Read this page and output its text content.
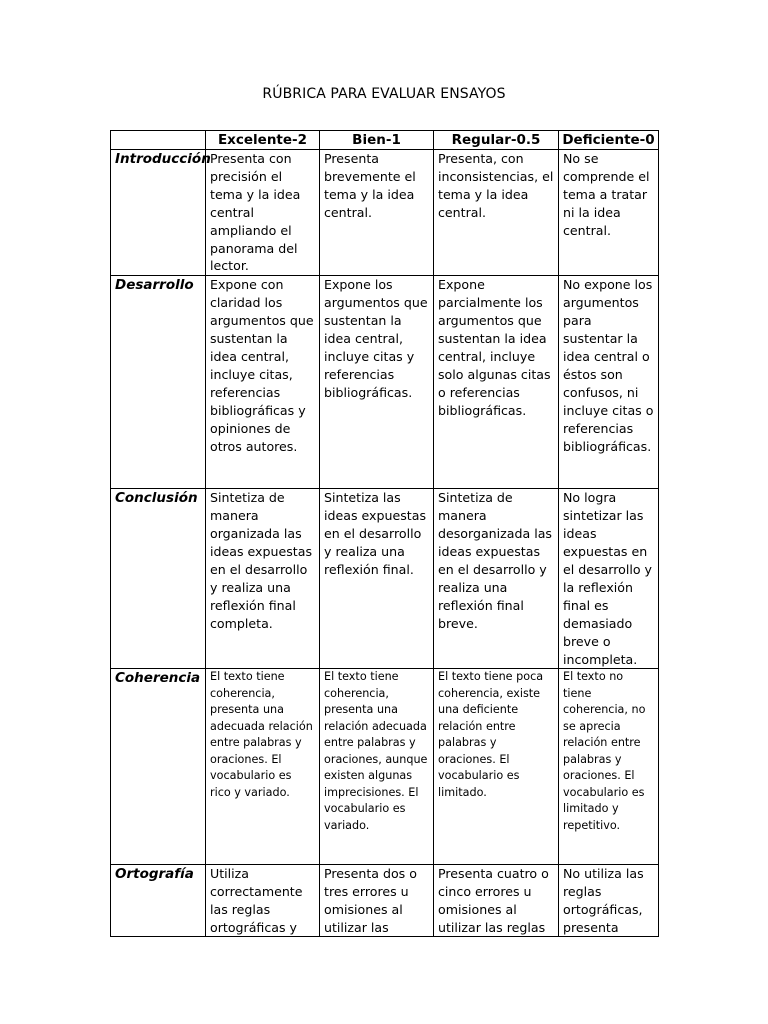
RÚBRICA PARA EVALUAR ENSAYOS
	Excelente-2	Bien-1	Regular-0.5	Deficiente-0
Introducción	Presenta con precisión el tema y la idea central ampliando el panorama del lector.	Presenta brevemente el tema y la idea central.	Presenta, con inconsistencias, el tema y la idea central.	No se comprende el tema a tratar ni la idea central.
Desarrollo	Expone con claridad los argumentos que sustentan la idea central, incluye citas, referencias bibliográficas y opiniones de otros autores.	Expone los argumentos que sustentan la idea central, incluye citas y referencias bibliográficas.	Expone parcialmente los argumentos que sustentan la idea central, incluye solo algunas citas o referencias bibliográficas.	No expone los argumentos para sustentar la idea central o éstos son confusos, ni incluye citas o referencias bibliográficas.
Conclusión	Sintetiza de manera organizada las ideas expuestas en el desarrollo y realiza una reflexión final completa.	Sintetiza las ideas expuestas en el desarrollo y realiza una reflexión final.	Sintetiza de manera desorganizada las ideas expuestas en el desarrollo y realiza una reflexión final breve.	No logra sintetizar las ideas expuestas en el desarrollo y la reflexión final es demasiado breve o incompleta.
Coherencia	El texto tiene coherencia, presenta una adecuada relación entre palabras y oraciones. El vocabulario es rico y variado.	El texto tiene coherencia, presenta una relación adecuada entre palabras y oraciones, aunque existen algunas imprecisiones. El vocabulario es variado.	El texto tiene poca coherencia, existe una deficiente relación entre palabras y oraciones. El vocabulario es limitado.	El texto no tiene coherencia, no se aprecia relación entre palabras y oraciones. El vocabulario es limitado y repetitivo.
Ortografía	Utiliza correctamente las reglas ortográficas y	Presenta dos o tres errores u omisiones al utilizar las	Presenta cuatro o cinco errores u omisiones al utilizar las reglas	No utiliza las reglas ortográficas, presenta
